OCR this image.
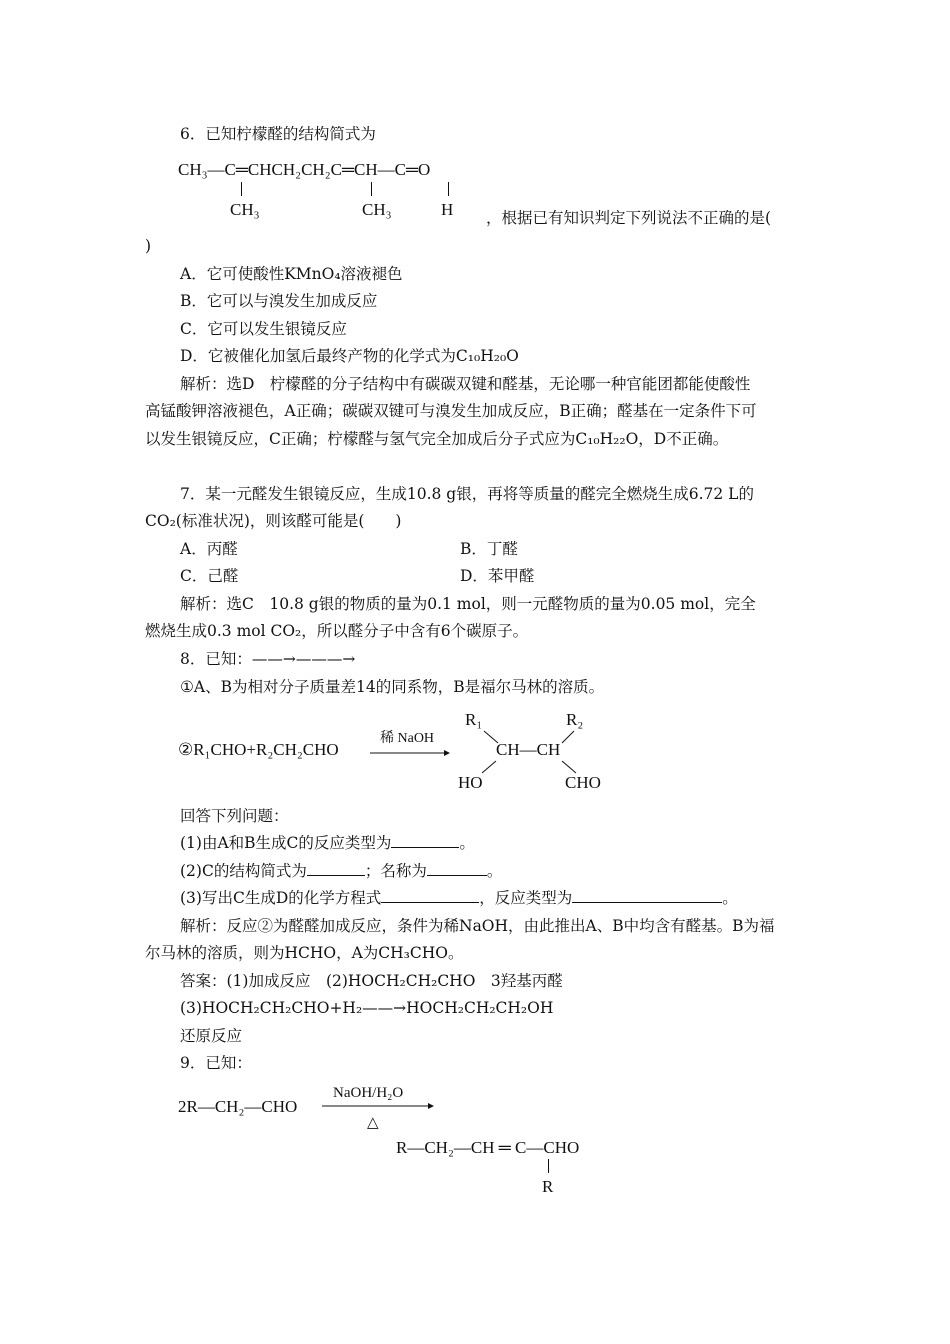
6．已知柠檬醛的结构简式为
CH₃—C═CHCH₂CH₂C═CH—C═O
CH₃	CH₃	H ，根据已有知识判定下列说法不正确的是(
)
A．它可使酸性KMnO₄溶液褪色
B．它可以与溴发生加成反应
C．它可以发生银镜反应
D．它被催化加氢后最终产物的化学式为C₁₀H₂₀O
解析：选D　柠檬醛的分子结构中有碳碳双键和醛基，无论哪一种官能团都能使酸性
高锰酸钾溶液褪色，A正确；碳碳双键可与溴发生加成反应，B正确；醛基在一定条件下可
以发生银镜反应，C正确；柠檬醛与氢气完全加成后分子式应为C₁₀H₂₂O，D不正确。
7．某一元醛发生银镜反应，生成10.8 g银，再将等质量的醛完全燃烧生成6.72 L的
CO₂(标准状况)，则该醛可能是(　　)
A．丙醛	B．丁醛
C．己醛	D．苯甲醛
解析：选C　10.8 g银的物质的量为0.1 mol，则一元醛物质的量为0.05 mol，完全
燃烧生成0.3 mol CO₂，所以醛分子中含有6个碳原子。
8．已知：——→———→
①A、B为相对分子质量差14的同系物，B是福尔马林的溶质。
②R₁CHO+R₂CH₂CHO
稀 NaOH
R₁	R₂
CH—CH
HO	CHO
回答下列问题：
(1)由A和B生成C的反应类型为	。
(2)C的结构简式为	；名称为	。
(3)写出C生成D的化学方程式	，反应类型为	。
解析：反应②为醛醛加成反应，条件为稀NaOH，由此推出A、B中均含有醛基。B为福
尔马林的溶质，则为HCHO，A为CH₃CHO。
答案：(1)加成反应　(2)HOCH₂CH₂CHO　3羟基丙醛
(3)HOCH₂CH₂CHO+H₂——→HOCH₂CH₂CH₂OH
还原反应
9．已知：
2R—CH₂—CHO
NaOH/H₂O
△
R—CH₂—CH ═ C—CHO
R
